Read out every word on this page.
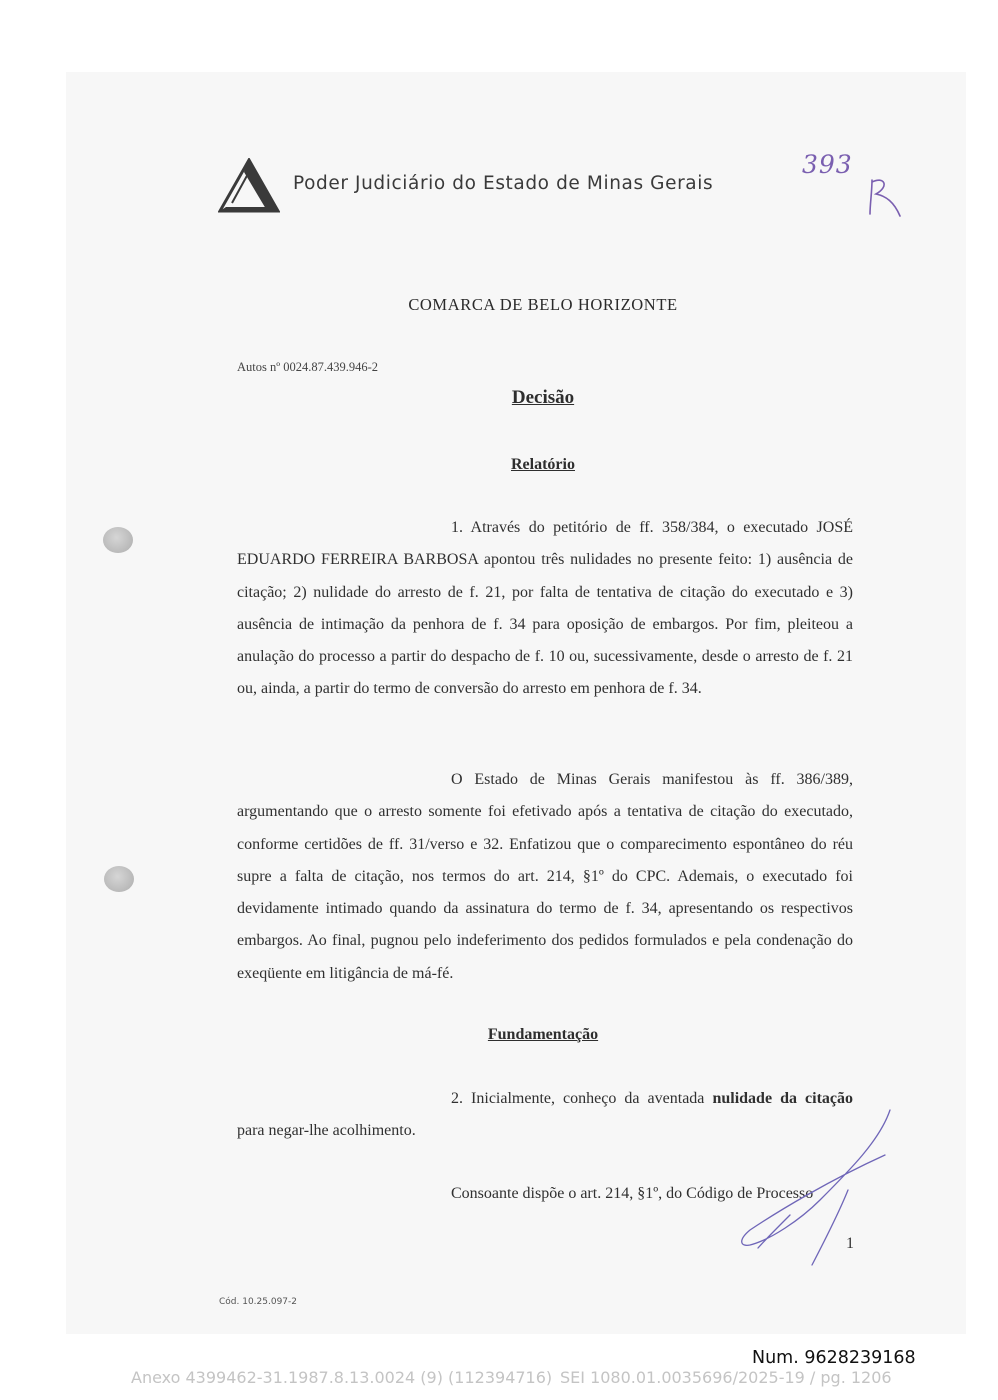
Poder Judiciário do Estado de Minas Gerais
393
COMARCA DE BELO HORIZONTE
Autos nº 0024.87.439.946-2
Decisão
Relatório

1. Através do petitório de ff. 358/384, o executado JOSÉ EDUARDO FERREIRA BARBOSA apontou três nulidades no presente feito: 1) ausência de citação; 2) nulidade do arresto de f. 21, por falta de tentativa de citação do executado e 3) ausência de intimação da penhora de f. 34 para oposição de embargos. Por fim, pleiteou a anulação do processo a partir do despacho de f. 10 ou, sucessivamente, desde o arresto de f. 21 ou, ainda, a partir do termo de conversão do arresto em penhora de f. 34.

O Estado de Minas Gerais manifestou às ff. 386/389, argumentando que o arresto somente foi efetivado após a tentativa de citação do executado, conforme certidões de ff. 31/verso e 32. Enfatizou que o comparecimento espontâneo do réu supre a falta de citação, nos termos do art. 214, §1º do CPC. Ademais, o executado foi devidamente intimado quando da assinatura do termo de f. 34, apresentando os respectivos embargos. Ao final, pugnou pelo indeferimento dos pedidos formulados e pela condenação do exeqüente em litigância de má-fé.

Fundamentação

2. Inicialmente, conheço da aventada nulidade da citação para negar-lhe acolhimento.

Consoante dispõe o art. 214, §1º, do Código de Processo

1
Cód. 10.25.097-2
Num. 9628239168
Anexo 4399462-31.1987.8.13.0024 (9) (112394716) SEI 1080.01.0035696/2025-19 / pg. 1206
